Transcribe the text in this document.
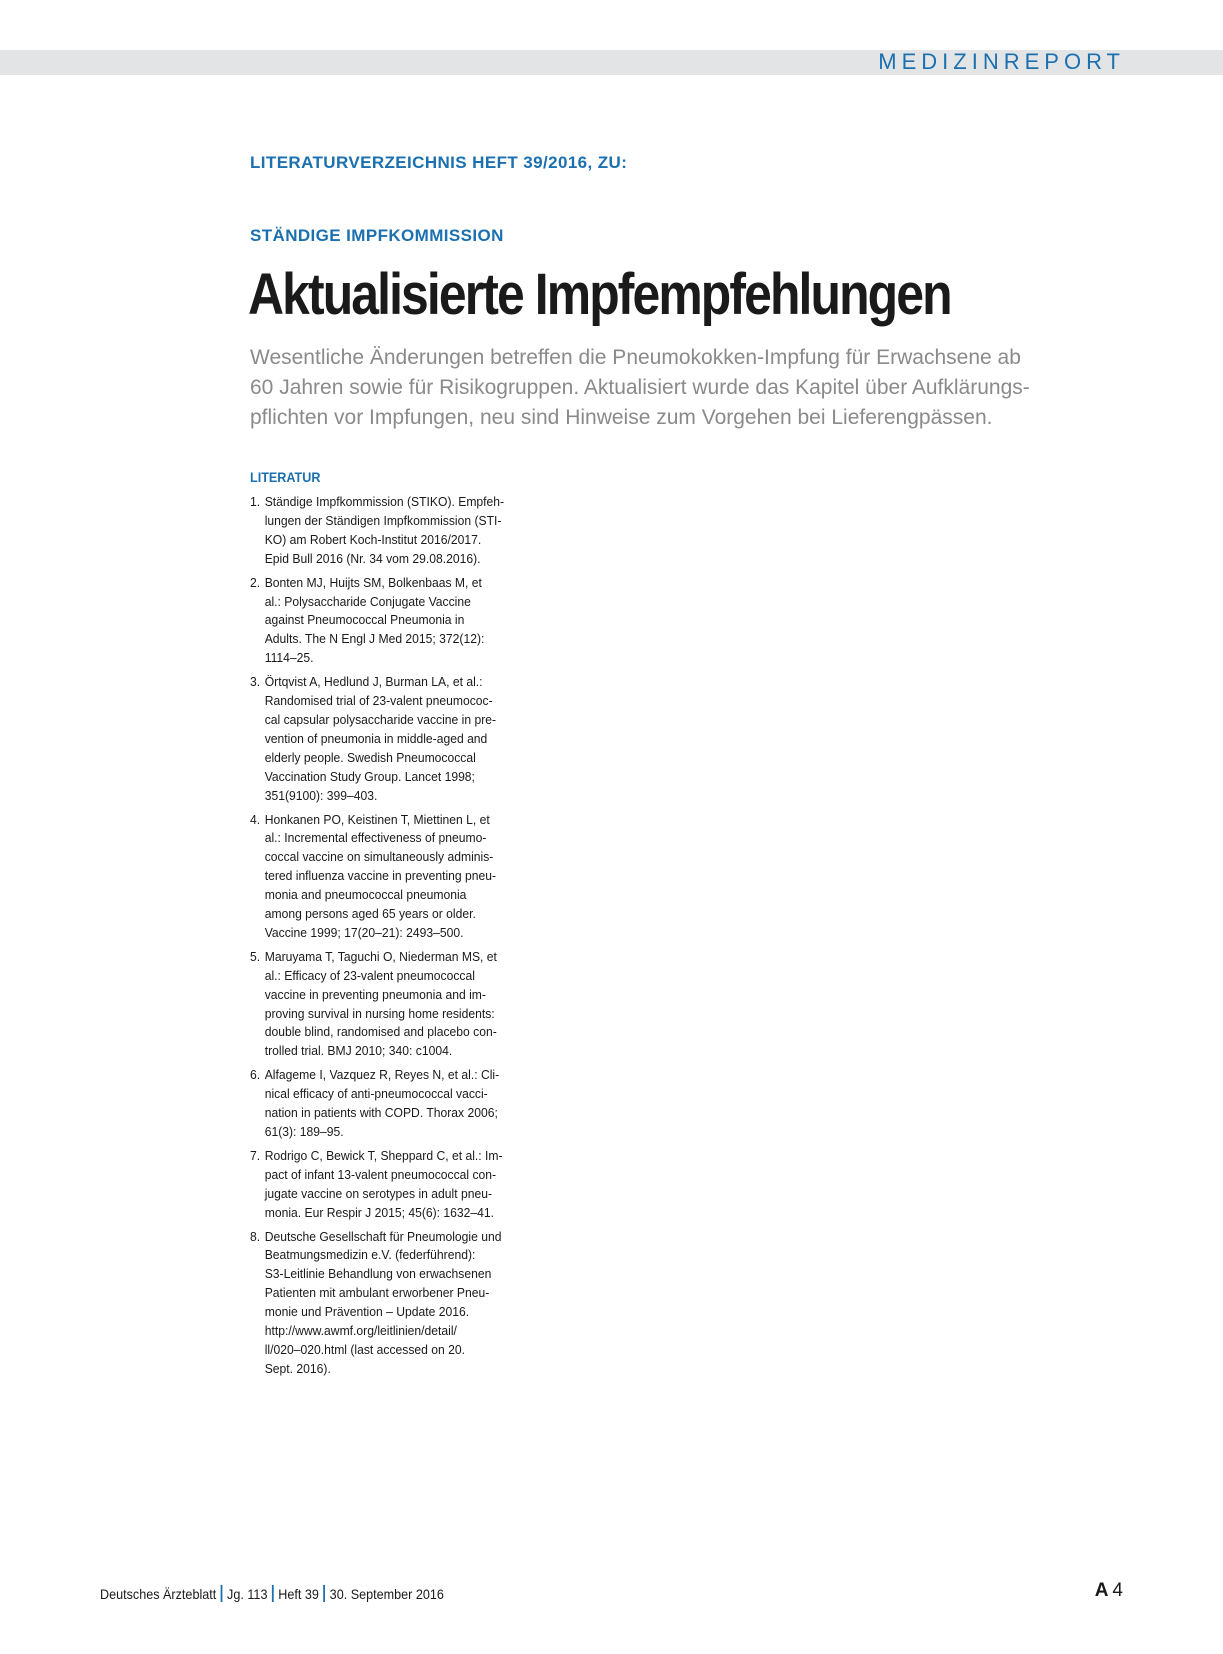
MEDIZINREPORT
LITERATURVERZEICHNIS HEFT 39/2016, ZU:
STÄNDIGE IMPFKOMMISSION
Aktualisierte Impfempfehlungen
Wesentliche Änderungen betreffen die Pneumokokken-Impfung für Erwachsene ab
60 Jahren sowie für Risikogruppen. Aktualisiert wurde das Kapitel über Aufklärungs-
pflichten vor Impfungen, neu sind Hinweise zum Vorgehen bei Lieferengpässen.
LITERATUR
1. Ständige Impfkommission (STIKO). Empfeh-
lungen der Ständigen Impfkommission (STI-
KO) am Robert Koch-Institut 2016/2017.
Epid Bull 2016 (Nr. 34 vom 29.08.2016).
2. Bonten MJ, Huijts SM, Bolkenbaas M, et
al.: Polysaccharide Conjugate Vaccine
against Pneumococcal Pneumonia in
Adults. The N Engl J Med 2015; 372(12):
1114–25.
3. Örtqvist A, Hedlund J, Burman LA, et al.:
Randomised trial of 23-valent pneumococ-
cal capsular polysaccharide vaccine in pre-
vention of pneumonia in middle-aged and
elderly people. Swedish Pneumococcal
Vaccination Study Group. Lancet 1998;
351(9100): 399–403.
4. Honkanen PO, Keistinen T, Miettinen L, et
al.: Incremental effectiveness of pneumo-
coccal vaccine on simultaneously adminis-
tered influenza vaccine in preventing pneu-
monia and pneumococcal pneumonia
among persons aged 65 years or older.
Vaccine 1999; 17(20–21): 2493–500.
5. Maruyama T, Taguchi O, Niederman MS, et
al.: Efficacy of 23-valent pneumococcal
vaccine in preventing pneumonia and im-
proving survival in nursing home residents:
double blind, randomised and placebo con-
trolled trial. BMJ 2010; 340: c1004.
6. Alfageme I, Vazquez R, Reyes N, et al.: Cli-
nical efficacy of anti-pneumococcal vacci-
nation in patients with COPD. Thorax 2006;
61(3): 189–95.
7. Rodrigo C, Bewick T, Sheppard C, et al.: Im-
pact of infant 13-valent pneumococcal con-
jugate vaccine on serotypes in adult pneu-
monia. Eur Respir J 2015; 45(6): 1632–41.
8. Deutsche Gesellschaft für Pneumologie und
Beatmungsmedizin e.V. (federführend):
S3-Leitlinie Behandlung von erwachsenen
Patienten mit ambulant erworbener Pneu-
monie und Prävention – Update 2016.
http://www.awmf.org/leitlinien/detail/
ll/020–020.html (last accessed on 20.
Sept. 2016).
Deutsches Ärzteblatt Jg. 113 Heft 39 30. September 2016	A 4
